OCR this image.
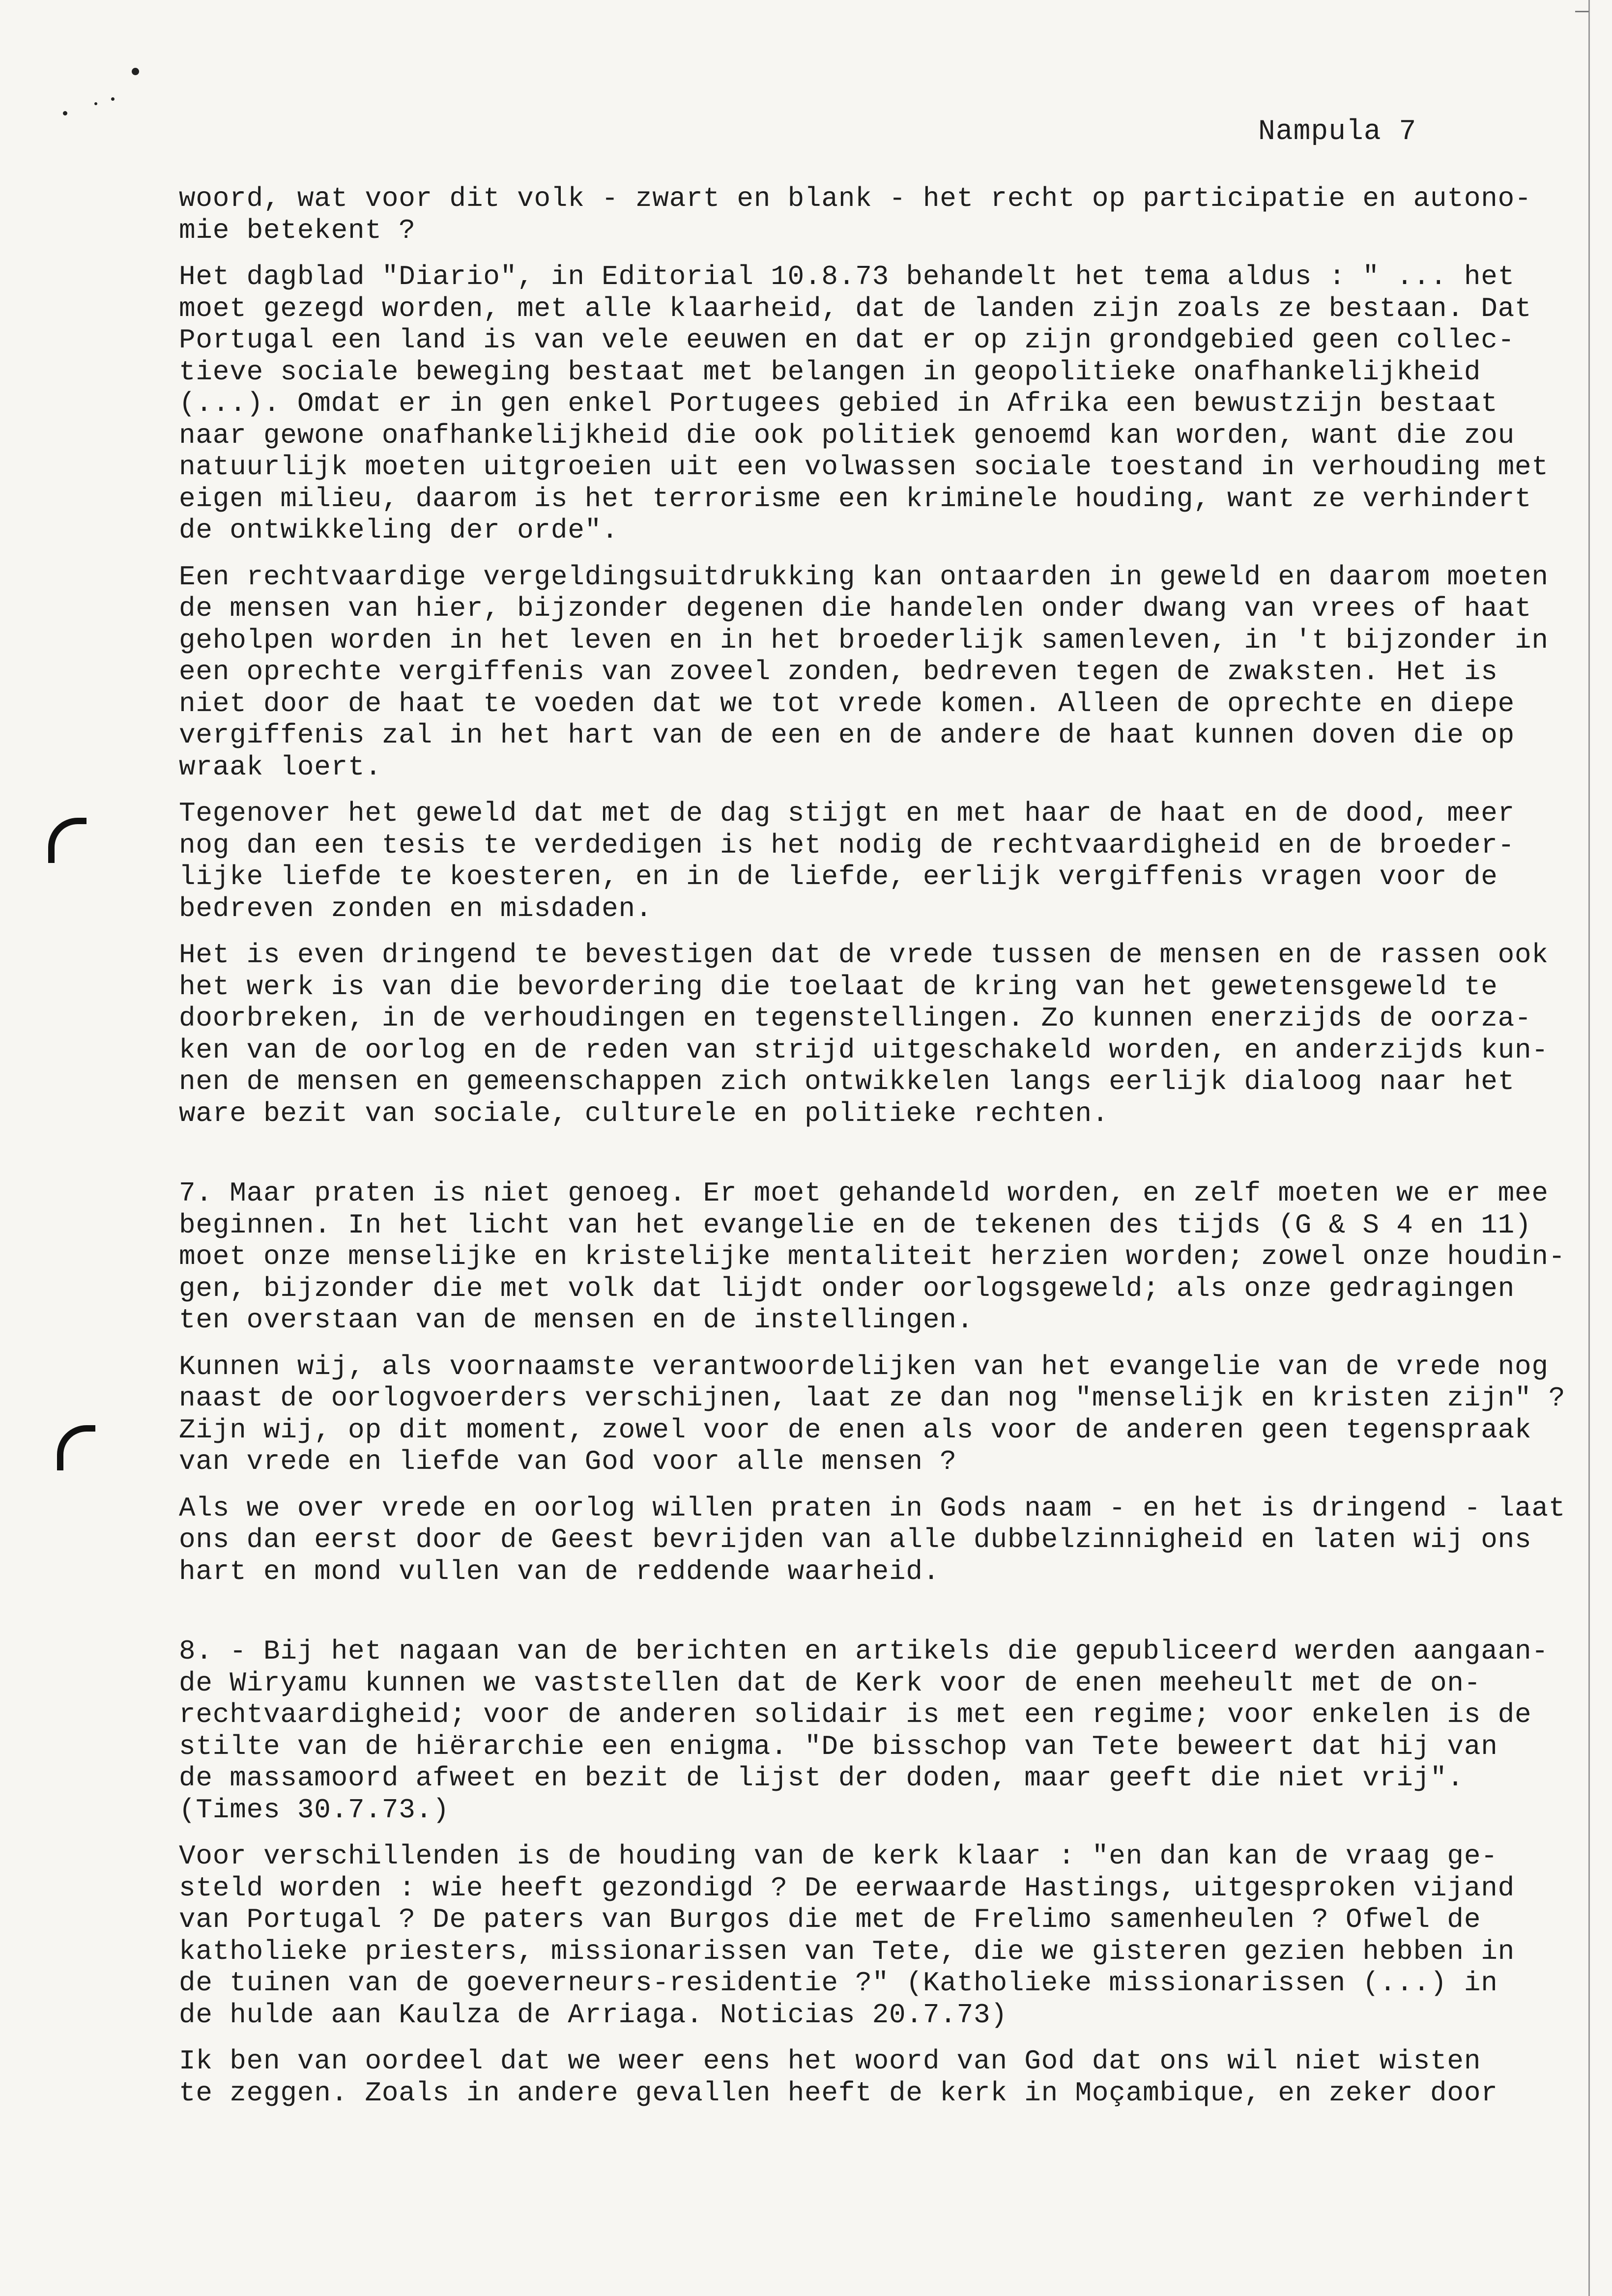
Nampula 7
woord, wat voor dit volk - zwart en blank - het recht op participatie en autono-
mie betekent ?
Het dagblad "Diario", in Editorial 10.8.73 behandelt het tema aldus : " ... het
moet gezegd worden, met alle klaarheid, dat de landen zijn zoals ze bestaan. Dat
Portugal een land is van vele eeuwen en dat er op zijn grondgebied geen collec-
tieve sociale beweging bestaat met belangen in geopolitieke onafhankelijkheid
(...). Omdat er in gen enkel Portugees gebied in Afrika een bewustzijn bestaat
naar gewone onafhankelijkheid die ook politiek genoemd kan worden, want die zou
natuurlijk moeten uitgroeien uit een volwassen sociale toestand in verhouding met
eigen milieu, daarom is het terrorisme een kriminele houding, want ze verhindert
de ontwikkeling der orde".
Een rechtvaardige vergeldingsuitdrukking kan ontaarden in geweld en daarom moeten
de mensen van hier, bijzonder degenen die handelen onder dwang van vrees of haat
geholpen worden in het leven en in het broederlijk samenleven, in 't bijzonder in
een oprechte vergiffenis van zoveel zonden, bedreven tegen de zwaksten. Het is
niet door de haat te voeden dat we tot vrede komen. Alleen de oprechte en diepe
vergiffenis zal in het hart van de een en de andere de haat kunnen doven die op
wraak loert.
Tegenover het geweld dat met de dag stijgt en met haar de haat en de dood, meer
nog dan een tesis te verdedigen is het nodig de rechtvaardigheid en de broeder-
lijke liefde te koesteren, en in de liefde, eerlijk vergiffenis vragen voor de
bedreven zonden en misdaden.
Het is even dringend te bevestigen dat de vrede tussen de mensen en de rassen ook
het werk is van die bevordering die toelaat de kring van het gewetensgeweld te
doorbreken, in de verhoudingen en tegenstellingen. Zo kunnen enerzijds de oorza-
ken van de oorlog en de reden van strijd uitgeschakeld worden, en anderzijds kun-
nen de mensen en gemeenschappen zich ontwikkelen langs eerlijk dialoog naar het
ware bezit van sociale, culturele en politieke rechten.
7. Maar praten is niet genoeg. Er moet gehandeld worden, en zelf moeten we er mee
beginnen. In het licht van het evangelie en de tekenen des tijds (G & S 4 en 11)
moet onze menselijke en kristelijke mentaliteit herzien worden; zowel onze houdin-
gen, bijzonder die met volk dat lijdt onder oorlogsgeweld; als onze gedragingen
ten overstaan van de mensen en de instellingen.
Kunnen wij, als voornaamste verantwoordelijken van het evangelie van de vrede nog
naast de oorlogvoerders verschijnen, laat ze dan nog "menselijk en kristen zijn" ?
Zijn wij, op dit moment, zowel voor de enen als voor de anderen geen tegenspraak
van vrede en liefde van God voor alle mensen ?
Als we over vrede en oorlog willen praten in Gods naam - en het is dringend - laat
ons dan eerst door de Geest bevrijden van alle dubbelzinnigheid en laten wij ons
hart en mond vullen van de reddende waarheid.
8. - Bij het nagaan van de berichten en artikels die gepubliceerd werden aangaan-
de Wiryamu kunnen we vaststellen dat de Kerk voor de enen meeheult met de on-
rechtvaardigheid; voor de anderen solidair is met een regime; voor enkelen is de
stilte van de hiërarchie een enigma. "De bisschop van Tete beweert dat hij van
de massamoord afweet en bezit de lijst der doden, maar geeft die niet vrij".
(Times 30.7.73.)
Voor verschillenden is de houding van de kerk klaar : "en dan kan de vraag ge-
steld worden : wie heeft gezondigd ? De eerwaarde Hastings, uitgesproken vijand
van Portugal ? De paters van Burgos die met de Frelimo samenheulen ? Ofwel de
katholieke priesters, missionarissen van Tete, die we gisteren gezien hebben in
de tuinen van de goeverneurs-residentie ?" (Katholieke missionarissen (...) in
de hulde aan Kaulza de Arriaga. Noticias 20.7.73)
Ik ben van oordeel dat we weer eens het woord van God dat ons wil niet wisten
te zeggen. Zoals in andere gevallen heeft de kerk in Moçambique, en zeker door
